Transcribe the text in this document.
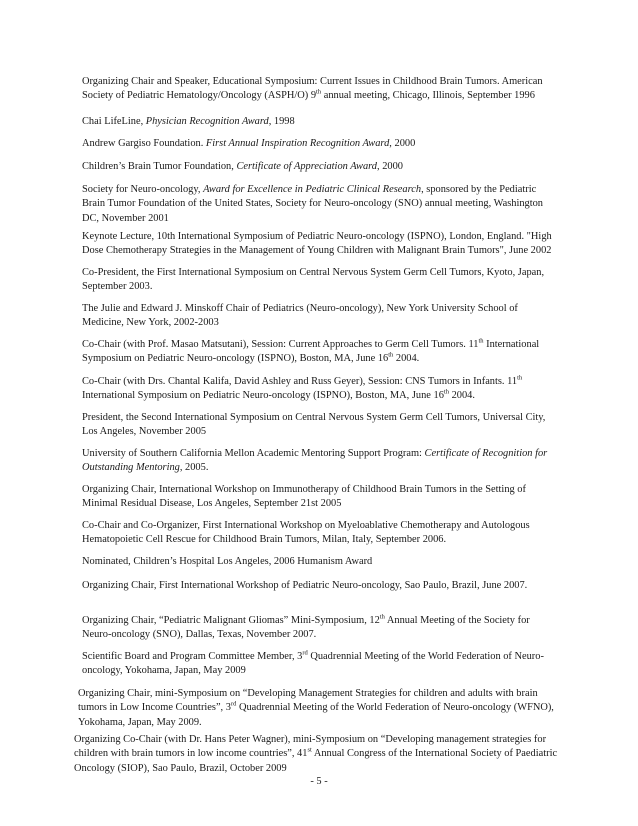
Organizing Chair and Speaker, Educational Symposium: Current Issues in Childhood Brain Tumors. American Society of Pediatric Hematology/Oncology (ASPH/O) 9th annual meeting, Chicago, Illinois, September 1996
Chai LifeLine, Physician Recognition Award, 1998
Andrew Gargiso Foundation. First Annual Inspiration Recognition Award, 2000
Children’s Brain Tumor Foundation, Certificate of Appreciation Award, 2000
Society for Neuro-oncology, Award for Excellence in Pediatric Clinical Research, sponsored by the Pediatric Brain Tumor Foundation of the United States, Society for Neuro-oncology (SNO) annual meeting, Washington DC, November 2001
Keynote Lecture, 10th International Symposium of Pediatric Neuro-oncology (ISPNO), London, England. "High Dose Chemotherapy Strategies in the Management of Young Children with Malignant Brain Tumors", June 2002
Co-President, the First International Symposium on Central Nervous System Germ Cell Tumors, Kyoto, Japan, September 2003.
The Julie and Edward J. Minskoff Chair of Pediatrics (Neuro-oncology), New York University School of Medicine, New York, 2002-2003
Co-Chair (with Prof. Masao Matsutani), Session: Current Approaches to Germ Cell Tumors. 11th International Symposium on Pediatric Neuro-oncology (ISPNO), Boston, MA, June 16th 2004.
Co-Chair (with Drs. Chantal Kalifa, David Ashley and Russ Geyer), Session: CNS Tumors in Infants. 11th International Symposium on Pediatric Neuro-oncology (ISPNO), Boston, MA, June 16th 2004.
President, the Second International Symposium on Central Nervous System Germ Cell Tumors, Universal City, Los Angeles, November 2005
University of Southern California Mellon Academic Mentoring Support Program: Certificate of Recognition for Outstanding Mentoring, 2005.
Organizing Chair, International Workshop on Immunotherapy of Childhood Brain Tumors in the Setting of Minimal Residual Disease, Los Angeles, September 21st 2005
Co-Chair and Co-Organizer, First International Workshop on Myeloablative Chemotherapy and Autologous Hematopoietic Cell Rescue for Childhood Brain Tumors, Milan, Italy, September 2006.
Nominated, Children’s Hospital Los Angeles, 2006 Humanism Award
Organizing Chair, First International Workshop of Pediatric Neuro-oncology, Sao Paulo, Brazil, June 2007.
Organizing Chair, “Pediatric Malignant Gliomas” Mini-Symposium, 12th Annual Meeting of the Society for Neuro-oncology (SNO), Dallas, Texas, November 2007.
Scientific Board and Program Committee Member, 3rd Quadrennial Meeting of the World Federation of Neuro-oncology, Yokohama, Japan, May 2009
Organizing Chair, mini-Symposium on “Developing Management Strategies for children and adults with brain tumors in Low Income Countries”, 3rd Quadrennial Meeting of the World Federation of Neuro-oncology (WFNO), Yokohama, Japan, May 2009.
Organizing Co-Chair (with Dr. Hans Peter Wagner), mini-Symposium on “Developing management strategies for children with brain tumors in low income countries”, 41st Annual Congress of the International Society of Paediatric Oncology (SIOP), Sao Paulo, Brazil, October 2009
- 5 -
